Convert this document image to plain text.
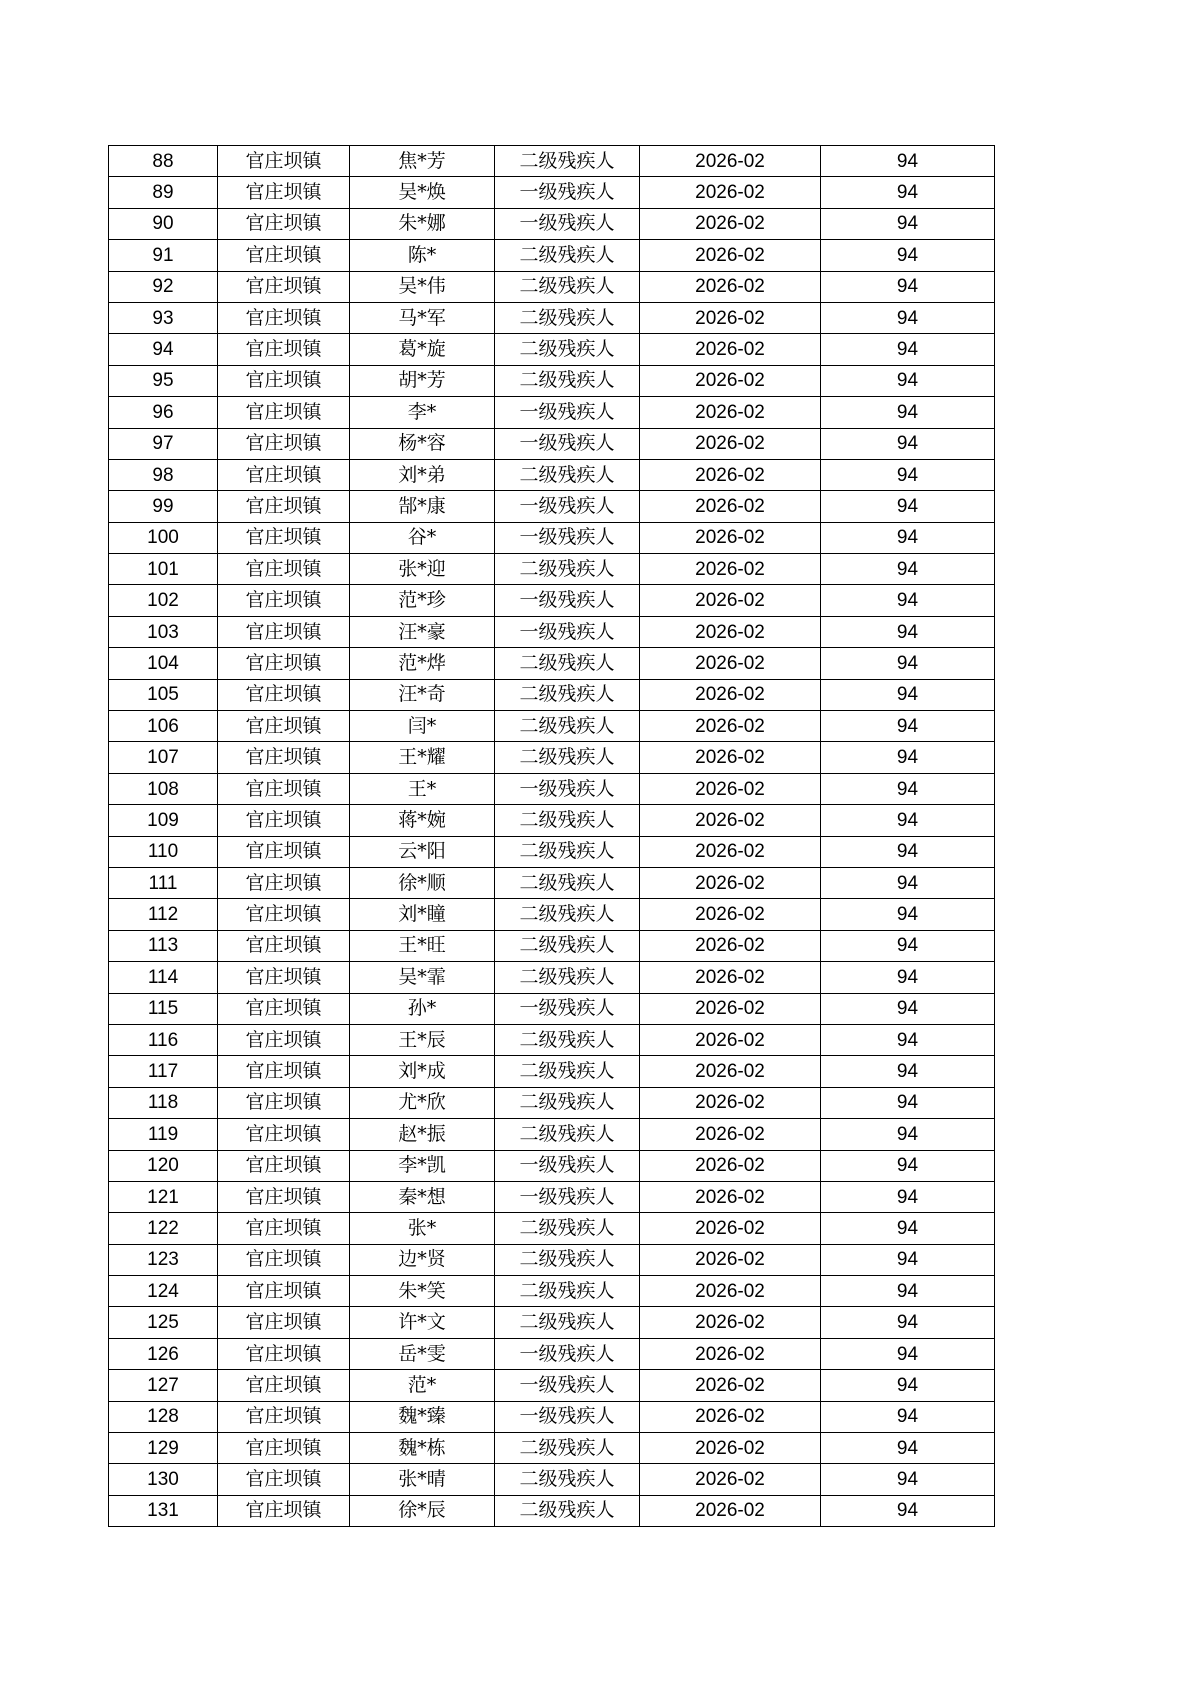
88	官庄坝镇	焦*芳	二级残疾人	2026-02	94
89	官庄坝镇	吴*焕	一级残疾人	2026-02	94
90	官庄坝镇	朱*娜	一级残疾人	2026-02	94
91	官庄坝镇	陈*	二级残疾人	2026-02	94
92	官庄坝镇	吴*伟	二级残疾人	2026-02	94
93	官庄坝镇	马*军	二级残疾人	2026-02	94
94	官庄坝镇	葛*旋	二级残疾人	2026-02	94
95	官庄坝镇	胡*芳	二级残疾人	2026-02	94
96	官庄坝镇	李*	一级残疾人	2026-02	94
97	官庄坝镇	杨*容	一级残疾人	2026-02	94
98	官庄坝镇	刘*弟	二级残疾人	2026-02	94
99	官庄坝镇	郜*康	一级残疾人	2026-02	94
100	官庄坝镇	谷*	一级残疾人	2026-02	94
101	官庄坝镇	张*迎	二级残疾人	2026-02	94
102	官庄坝镇	范*珍	一级残疾人	2026-02	94
103	官庄坝镇	汪*豪	一级残疾人	2026-02	94
104	官庄坝镇	范*烨	二级残疾人	2026-02	94
105	官庄坝镇	汪*奇	二级残疾人	2026-02	94
106	官庄坝镇	闫*	二级残疾人	2026-02	94
107	官庄坝镇	王*耀	二级残疾人	2026-02	94
108	官庄坝镇	王*	一级残疾人	2026-02	94
109	官庄坝镇	蒋*婉	二级残疾人	2026-02	94
110	官庄坝镇	云*阳	二级残疾人	2026-02	94
111	官庄坝镇	徐*顺	二级残疾人	2026-02	94
112	官庄坝镇	刘*瞳	二级残疾人	2026-02	94
113	官庄坝镇	王*旺	二级残疾人	2026-02	94
114	官庄坝镇	吴*霏	二级残疾人	2026-02	94
115	官庄坝镇	孙*	一级残疾人	2026-02	94
116	官庄坝镇	王*辰	二级残疾人	2026-02	94
117	官庄坝镇	刘*成	二级残疾人	2026-02	94
118	官庄坝镇	尤*欣	二级残疾人	2026-02	94
119	官庄坝镇	赵*振	二级残疾人	2026-02	94
120	官庄坝镇	李*凯	一级残疾人	2026-02	94
121	官庄坝镇	秦*想	一级残疾人	2026-02	94
122	官庄坝镇	张*	二级残疾人	2026-02	94
123	官庄坝镇	边*贤	二级残疾人	2026-02	94
124	官庄坝镇	朱*笑	二级残疾人	2026-02	94
125	官庄坝镇	许*文	二级残疾人	2026-02	94
126	官庄坝镇	岳*雯	一级残疾人	2026-02	94
127	官庄坝镇	范*	一级残疾人	2026-02	94
128	官庄坝镇	魏*臻	一级残疾人	2026-02	94
129	官庄坝镇	魏*栋	二级残疾人	2026-02	94
130	官庄坝镇	张*晴	二级残疾人	2026-02	94
131	官庄坝镇	徐*辰	二级残疾人	2026-02	94
